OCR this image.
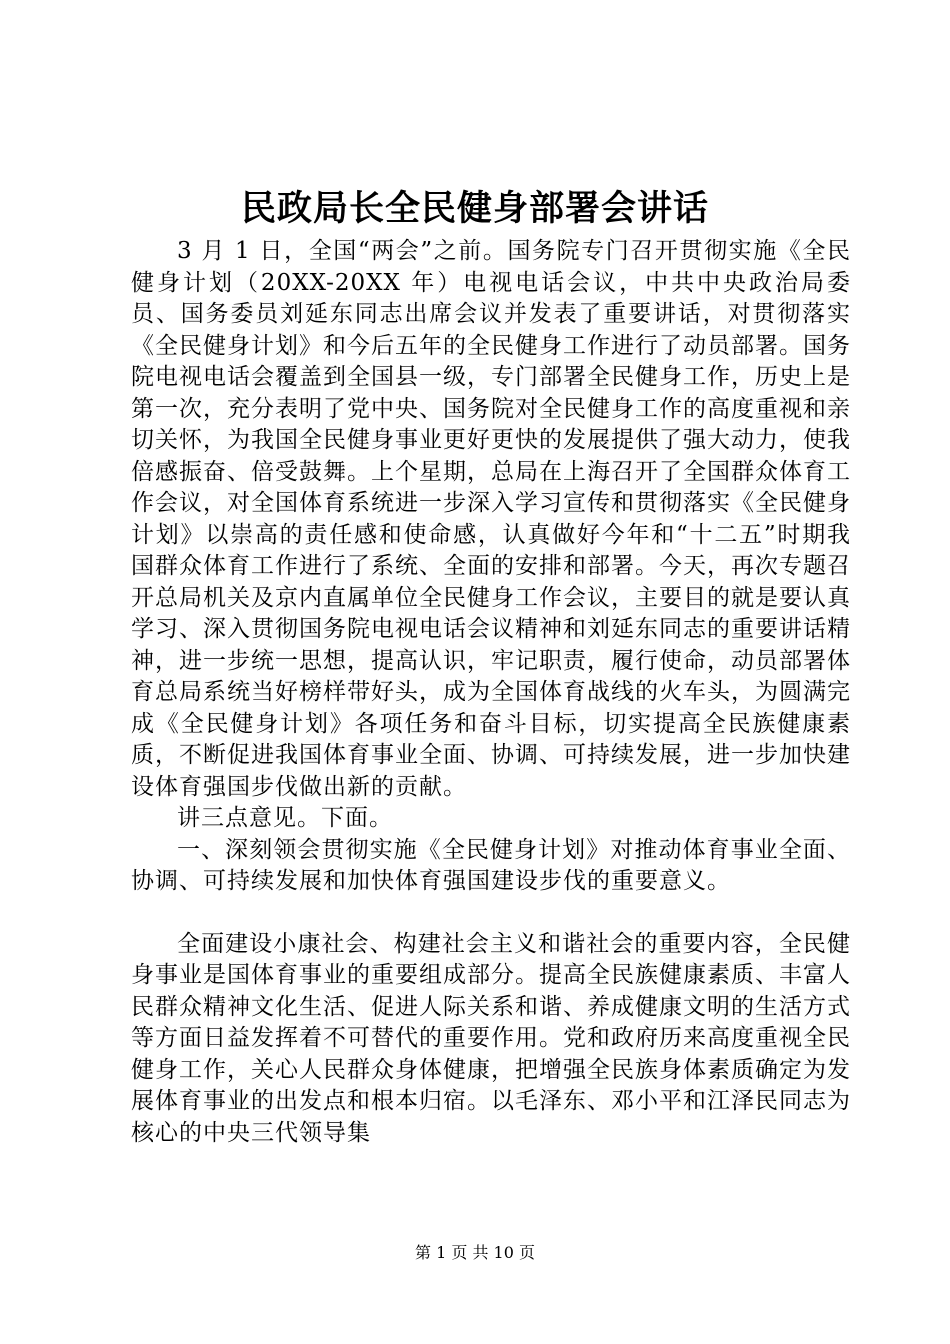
民政局长全民健身部署会讲话

3 月 1 日，全国“两会”之前。国务院专门召开贯彻实施《全民健身计划（20XX-20XX 年）电视电话会议，中共中央政治局委员、国务委员刘延东同志出席会议并发表了重要讲话，对贯彻落实《全民健身计划》和今后五年的全民健身工作进行了动员部署。国务院电视电话会覆盖到全国县一级，专门部署全民健身工作，历史上是第一次，充分表明了党中央、国务院对全民健身工作的高度重视和亲切关怀，为我国全民健身事业更好更快的发展提供了强大动力，使我倍感振奋、倍受鼓舞。上个星期，总局在上海召开了全国群众体育工作会议，对全国体育系统进一步深入学习宣传和贯彻落实《全民健身计划》以崇高的责任感和使命感，认真做好今年和“十二五”时期我国群众体育工作进行了系统、全面的安排和部署。今天，再次专题召开总局机关及京内直属单位全民健身工作会议，主要目的就是要认真学习、深入贯彻国务院电视电话会议精神和刘延东同志的重要讲话精神，进一步统一思想，提高认识，牢记职责，履行使命，动员部署体育总局系统当好榜样带好头，成为全国体育战线的火车头，为圆满完成《全民健身计划》各项任务和奋斗目标，切实提高全民族健康素质，不断促进我国体育事业全面、协调、可持续发展，进一步加快建设体育强国步伐做出新的贡献。

讲三点意见。下面。

一、深刻领会贯彻实施《全民健身计划》对推动体育事业全面、协调、可持续发展和加快体育强国建设步伐的重要意义。

全面建设小康社会、构建社会主义和谐社会的重要内容，全民健身事业是国体育事业的重要组成部分。提高全民族健康素质、丰富人民群众精神文化生活、促进人际关系和谐、养成健康文明的生活方式等方面日益发挥着不可替代的重要作用。党和政府历来高度重视全民健身工作，关心人民群众身体健康，把增强全民族身体素质确定为发展体育事业的出发点和根本归宿。以毛泽东、邓小平和江泽民同志为核心的中央三代领导集

第 1 页 共 10 页
